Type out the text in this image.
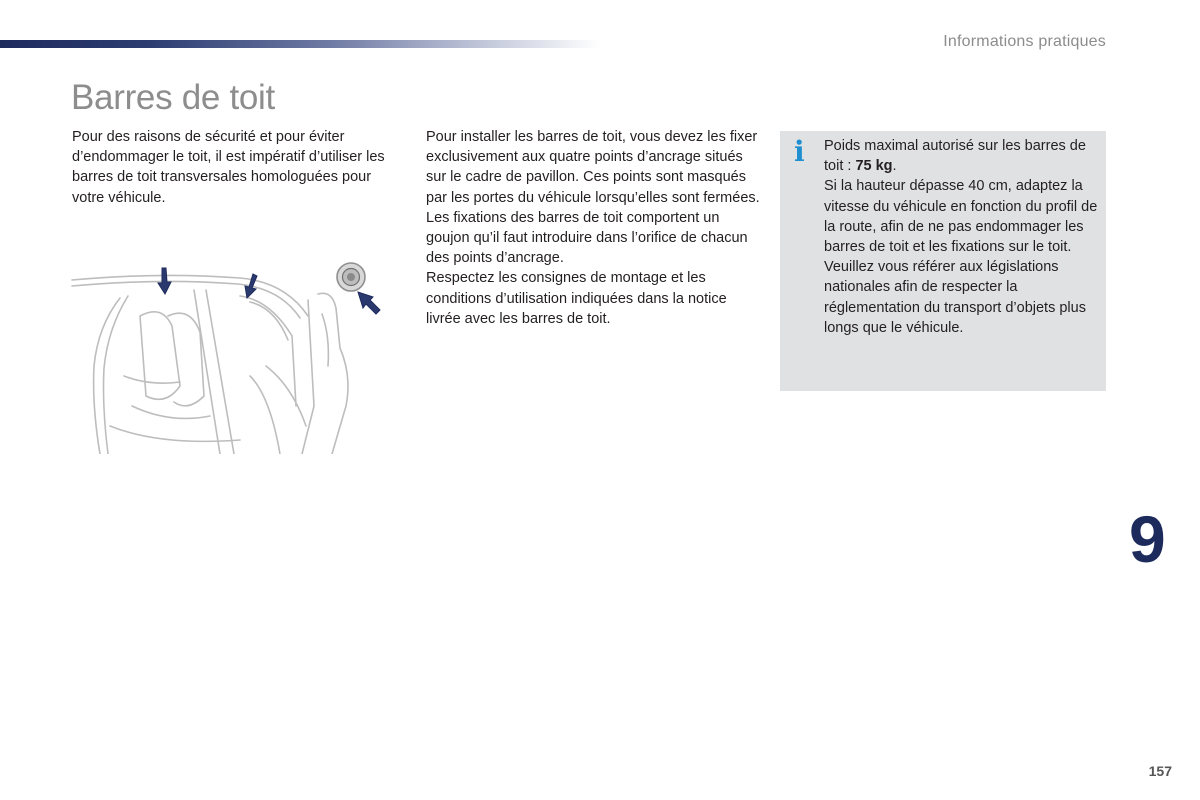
Informations pratiques
Barres de toit

Pour des raisons de sécurité et pour éviter d’endommager le toit, il est impératif d’utiliser les barres de toit transversales homologuées pour votre véhicule.

Pour installer les barres de toit, vous devez les fixer exclusivement aux quatre points d’ancrage situés sur le cadre de pavillon. Ces points sont masqués par les portes du véhicule lorsqu’elles sont fermées.

Les fixations des barres de toit comportent un goujon qu’il faut introduire dans l’orifice de chacun des points d’ancrage.

Respectez les consignes de montage et les conditions d’utilisation indiquées dans la notice livrée avec les barres de toit.

i Poids maximal autorisé sur les barres de toit : 75 kg.

Si la hauteur dépasse 40 cm, adaptez la vitesse du véhicule en fonction du profil de la route, afin de ne pas endommager les barres de toit et les fixations sur le toit.

Veuillez vous référer aux législations nationales afin de respecter la réglementation du transport d’objets plus longs que le véhicule.

9
157
